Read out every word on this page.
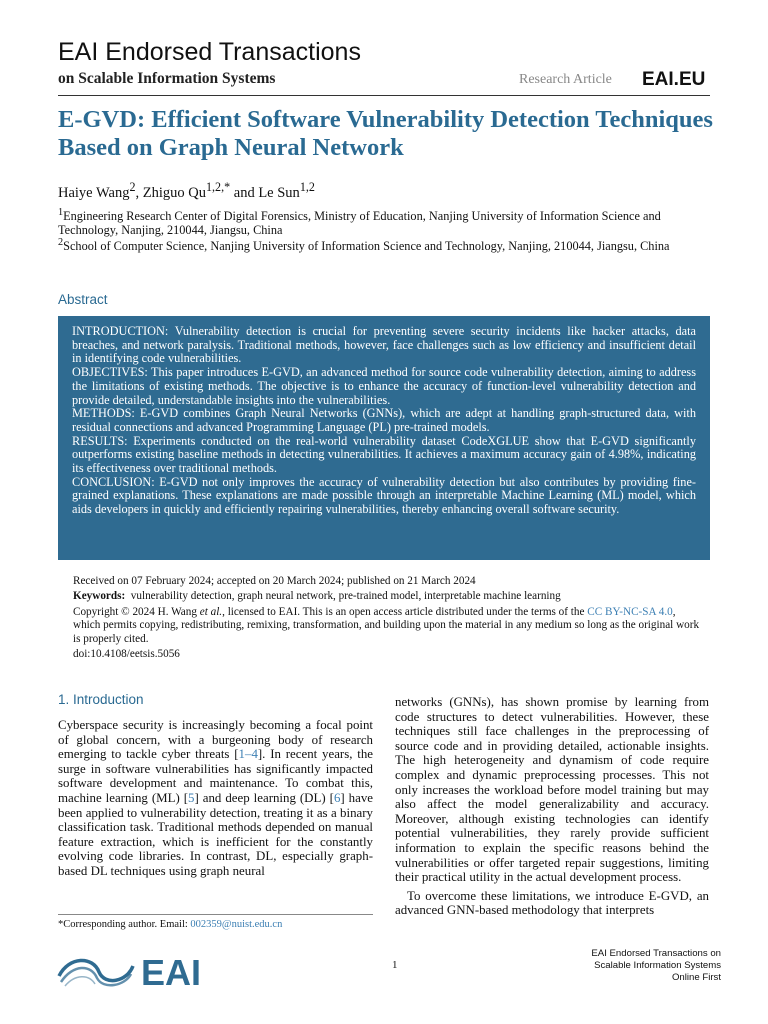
EAI Endorsed Transactions
on Scalable Information Systems	Research Article EAI.EU
E-GVD: Efficient Software Vulnerability Detection Techniques Based on Graph Neural Network
Haiye Wang$^2$, Zhiguo $Qu^{1,2,*}$ and Le Sun$^{1,2}$
$^1$Engineering Research Center of Digital Forensics, Ministry of Education, Nanjing University of Information Science and Technology, Nanjing, 210044, Jiangsu, China
$^2$School of Computer Science, Nanjing University of Information Science and Technology, Nanjing, 210044, Jiangsu, China
Abstract

INTRODUCTION: Vulnerability detection is crucial for preventing severe security incidents like hacker attacks, data breaches, and network paralysis. Traditional methods, however, face challenges such as low efficiency and insufficient detail in identifying code vulnerabilities.

OBJECTIVES: This paper introduces E-GVD, an advanced method for source code vulnerability detection, aiming to address the limitations of existing methods. The objective is to enhance the accuracy of function-level vulnerability detection and provide detailed, understandable insights into the vulnerabilities.

METHODS: E-GVD combines Graph Neural Networks (GNNs), which are adept at handling graph-structured data, with residual connections and advanced Programming Language (PL) pre-trained models.

RESULTS: Experiments conducted on the real-world vulnerability dataset CodeXGLUE show that E-GVD significantly outperforms existing baseline methods in detecting vulnerabilities. It achieves a maximum accuracy gain of 4.98%, indicating its effectiveness over traditional methods.

CONCLUSION: E-GVD not only improves the accuracy of vulnerability detection but also contributes by providing fine-grained explanations. These explanations are made possible through an interpretable Machine Learning (ML) model, which aids developers in quickly and efficiently repairing vulnerabilities, thereby enhancing overall software security.

Received on 07 February 2024; accepted on 20 March 2024; published on 21 March 2024

Keywords: vulnerability detection, graph neural network, pre-trained model, interpretable machine learning

Copyright © 2024 H. Wang et al., licensed to EAI. This is an open access article distributed under the terms of the CC BY-NC-SA 4.0, which permits copying, redistributing, remixing, transformation, and building upon the material in any medium so long as the original work is properly cited.

doi:10.4108/eetsis.5056

1. Introduction

Cyberspace security is increasingly becoming a focal point of global concern, with a burgeoning body of research emerging to tackle cyber threats [1–4]. In recent years, the surge in software vulnerabilities has significantly impacted software development and maintenance. To combat this, machine learning (ML) [5] and deep learning (DL) [6] have been applied to vulnerability detection, treating it as a binary classification task. Traditional methods depended on manual feature extraction, which is inefficient for the constantly evolving code libraries. In contrast, DL, especially graph-based DL techniques using graph neural

networks (GNNs), has shown promise by learning from code structures to detect vulnerabilities. However, these techniques still face challenges in the preprocessing of source code and in providing detailed, actionable insights. The high heterogeneity and dynamism of code require complex and dynamic preprocessing processes. This not only increases the workload before model training but may also affect the model generalizability and accuracy. Moreover, although existing technologies can identify potential vulnerabilities, they rarely provide sufficient information to explain the specific reasons behind the vulnerabilities or offer targeted repair suggestions, limiting their practical utility in the actual development process.

To overcome these limitations, we introduce E-GVD, an advanced GNN-based methodology that interprets

*Corresponding author. Email: 002359@nuist.edu.cn
EAI	1
EAI Endorsed Transactions on
Scalable Information Systems
Online First
